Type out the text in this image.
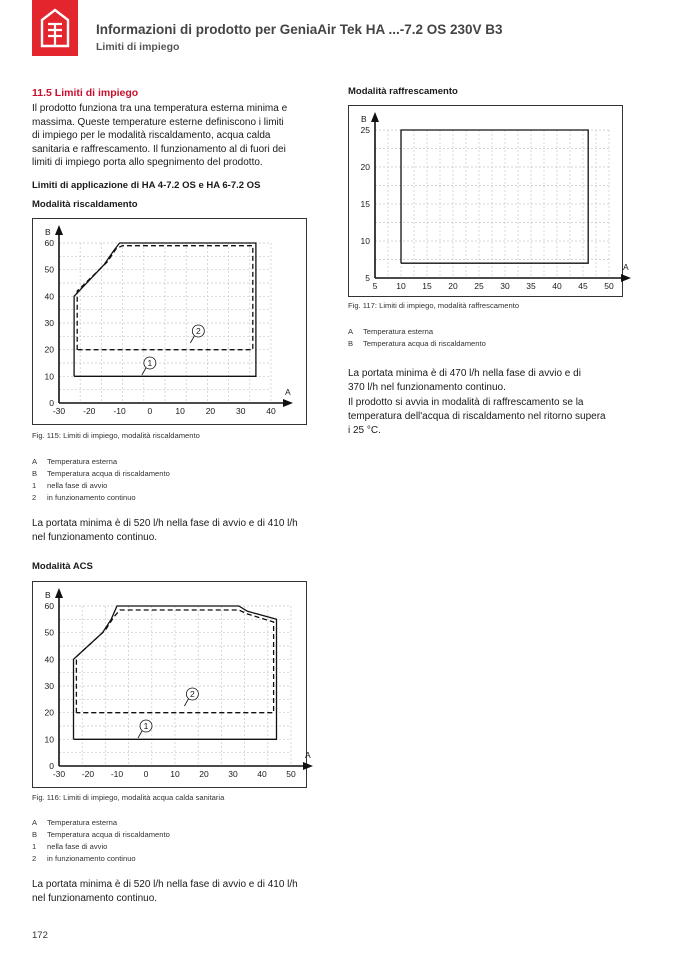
Informazioni di prodotto per GeniaAir Tek HA ...-7.2 OS 230V B3
Limiti di impiego
11.5 Limiti di impiego
Il prodotto funziona tra una temperatura esterna minima e
massima. Queste temperature esterne definiscono i limiti
di impiego per le modalità riscaldamento, acqua calda
sanitaria e raffrescamento. Il funzionamento al di fuori dei
limiti di impiego porta allo spegnimento del prodotto.
Limiti di applicazione di HA 4-7.2 OS e HA 6-7.2 OS
Modalità riscaldamento
B
A
-30 -20 -10	0	10 20 30 40
0
10
20
30
40
50
60
1
2
Fig. 115: Limiti di impiego, modalità riscaldamento
A Temperatura esterna
B Temperatura acqua di riscaldamento
1 nella fase di avvio
2 in funzionamento continuo
La portata minima è di 520 l/h nella fase di avvio e di 410 l/h
nel funzionamento continuo.
Modalità ACS
B
A
-30 -20 -10 0	10 20 30 40 50
0
10
20
30
40
50
60
1
2
Fig. 116: Limiti di impiego, modalità acqua calda sanitaria
A Temperatura esterna
B Temperatura acqua di riscaldamento
1 nella fase di avvio
2 in funzionamento continuo
La portata minima è di 520 l/h nella fase di avvio e di 410 l/h
nel funzionamento continuo.
172
Modalità raffrescamento
B
A
5 10 15 20 25 30 35 40 45 50
5
10
15
20
25
Fig. 117: Limiti di impiego, modalità raffrescamento
A Temperatura esterna
B Temperatura acqua di riscaldamento
La portata minima è di 470 l/h nella fase di avvio e di
370 l/h nel funzionamento continuo.
Il prodotto si avvia in modalità di raffrescamento se la
temperatura dell'acqua di riscaldamento nel ritorno supera
i 25 °C.
